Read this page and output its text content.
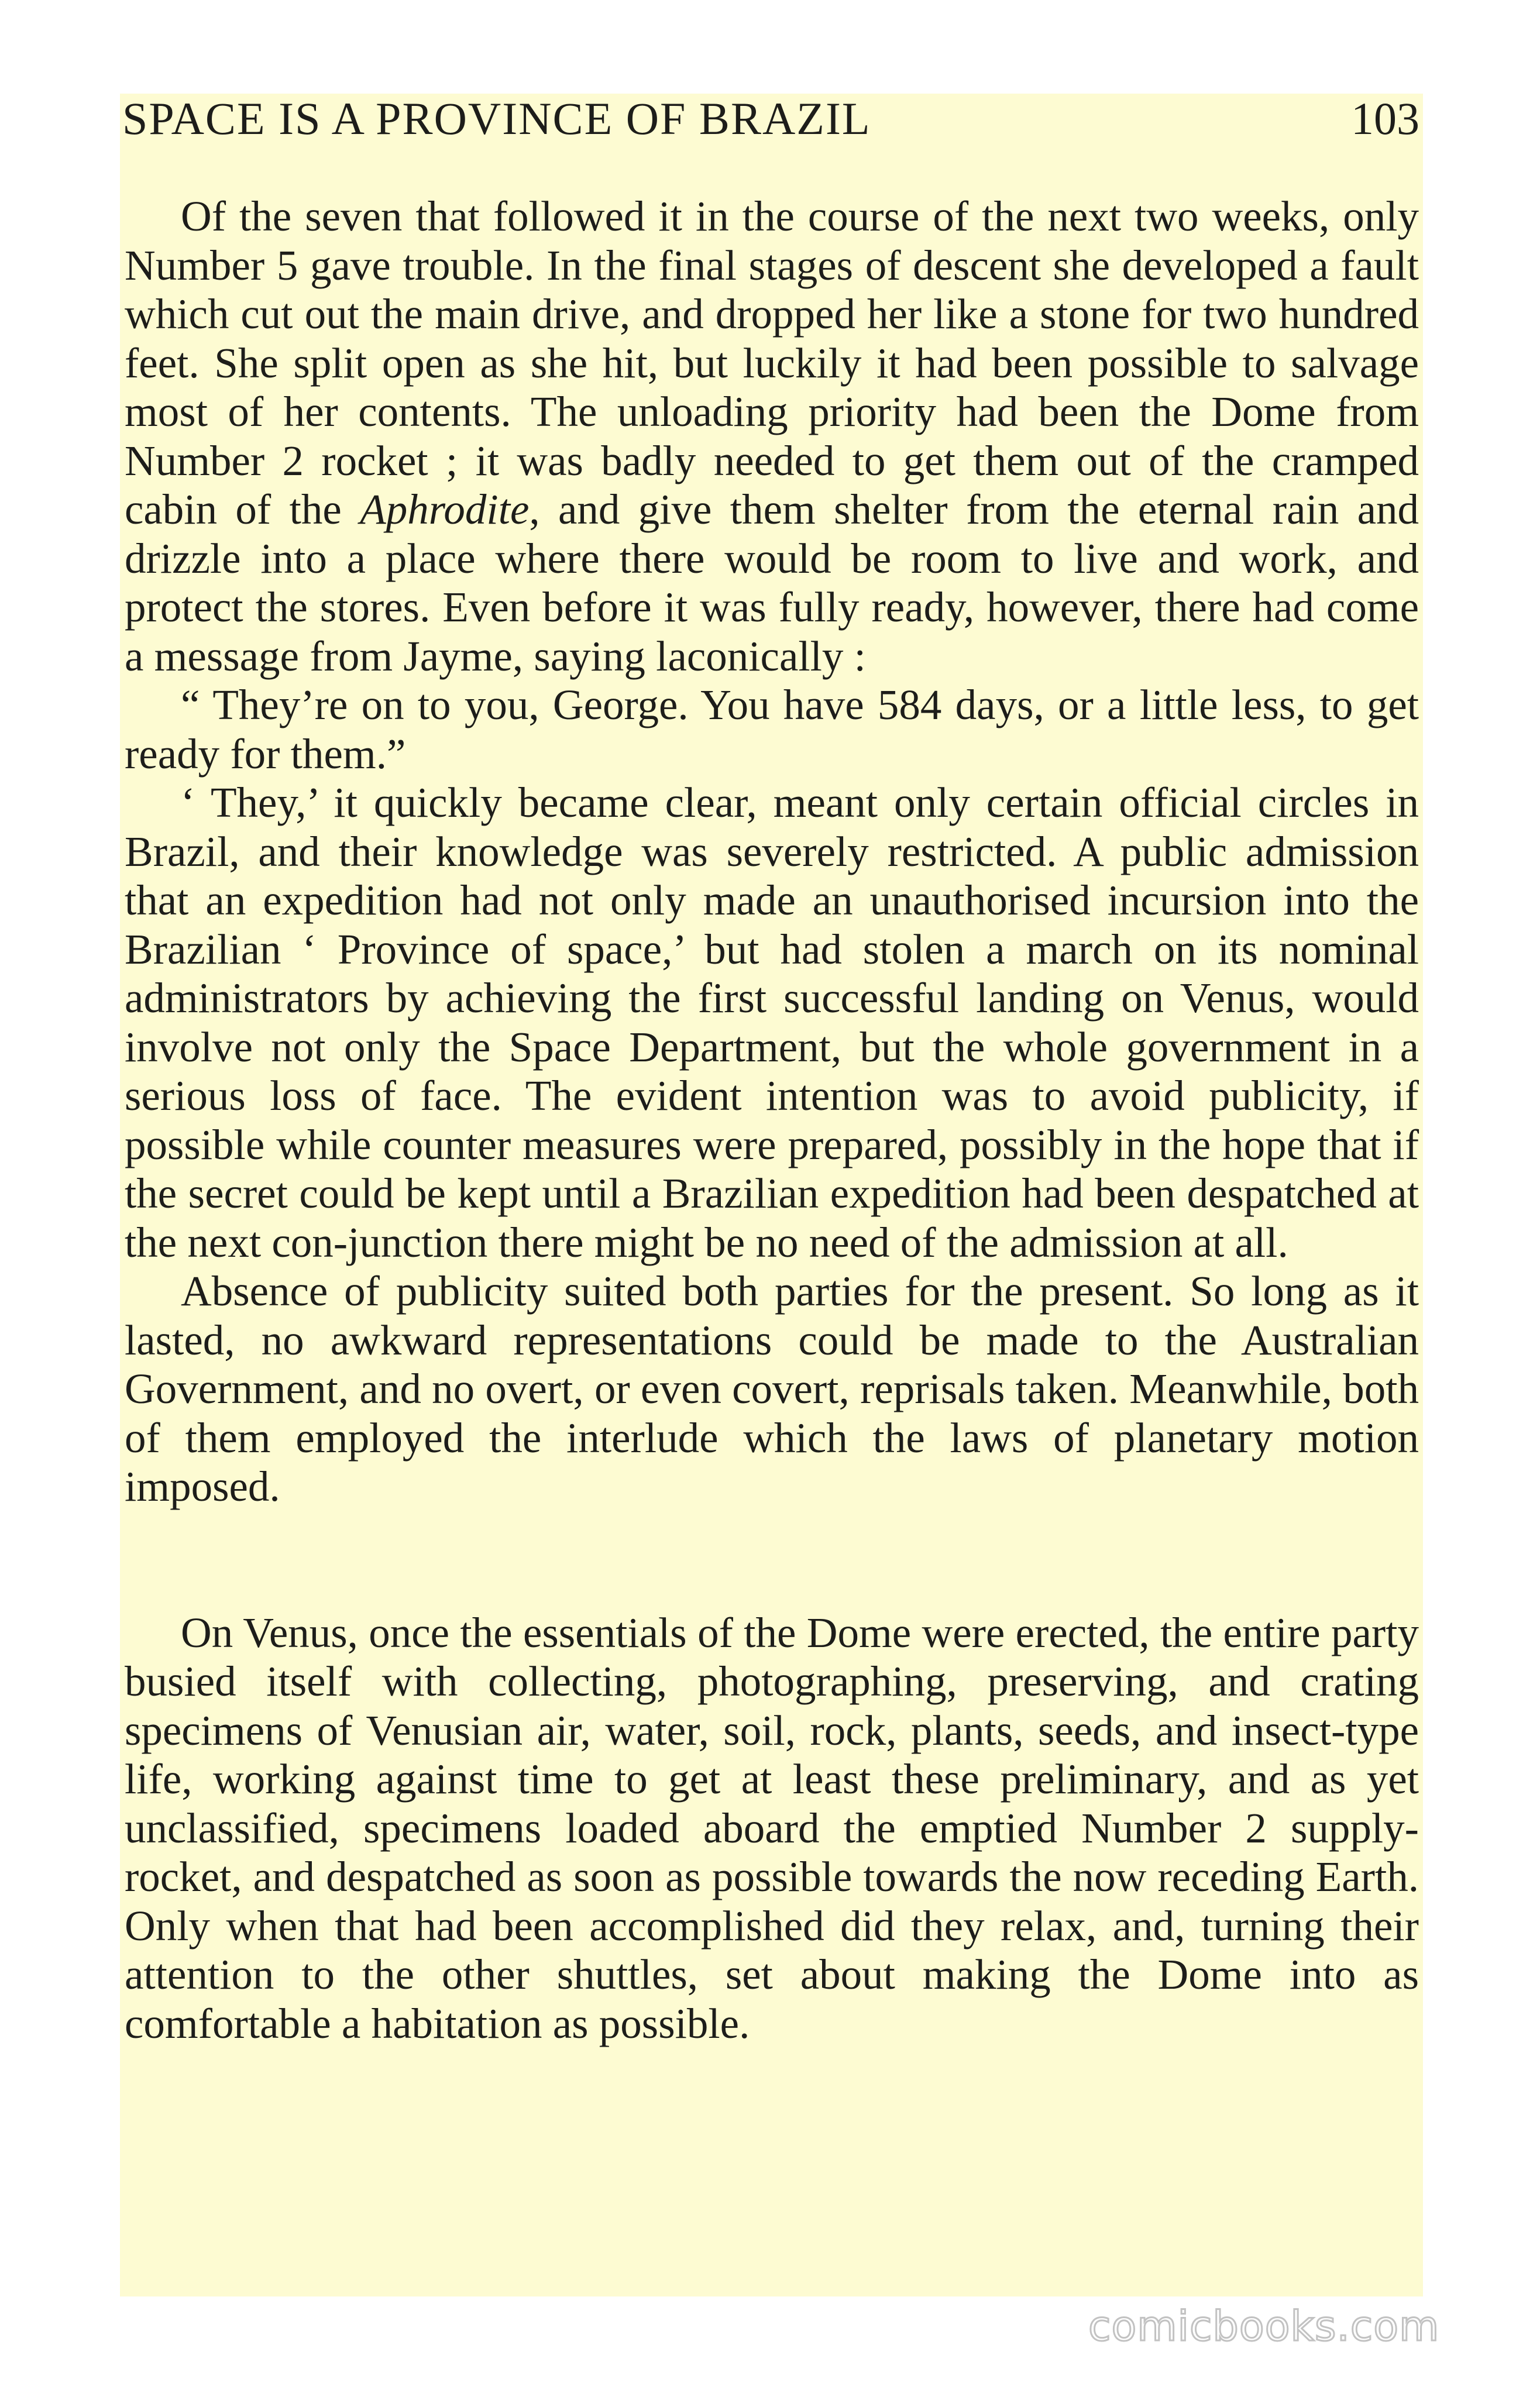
SPACE IS A PROVINCE OF BRAZIL	103

Of the seven that followed it in the course of the next two weeks, only Number 5 gave trouble. In the final stages of descent she developed a fault which cut out the main drive, and dropped her like a stone for two hundred feet. She split open as she hit, but luckily it had been possible to salvage most of her contents. The unloading priority had been the Dome from Number 2 rocket ; it was badly needed to get them out of the cramped cabin of the Aphrodite, and give them shelter from the eternal rain and drizzle into a place where there would be room to live and work, and protect the stores. Even before it was fully ready, however, there had come a message from Jayme, saying laconically :

“ They’re on to you, George. You have 584 days, or a little less, to get ready for them.”

‘ They,’ it quickly became clear, meant only certain official circles in Brazil, and their knowledge was severely restricted. A public admission that an expedition had not only made an unauthorised incursion into the Brazilian ‘ Province of space,’ but had stolen a march on its nominal administrators by achieving the first successful landing on Venus, would involve not only the Space Department, but the whole government in a serious loss of face. The evident intention was to avoid publicity, if possible while counter measures were prepared, possibly in the hope that if the secret could be kept until a Brazilian expedition had been despatched at the next con-junction there might be no need of the admission at all.

Absence of publicity suited both parties for the present. So long as it lasted, no awkward representations could be made to the Australian Government, and no overt, or even covert, reprisals taken. Meanwhile, both of them employed the interlude which the laws of planetary motion imposed.

On Venus, once the essentials of the Dome were erected, the entire party busied itself with collecting, photographing, preserving, and crating specimens of Venusian air, water, soil, rock, plants, seeds, and insect-type life, working against time to get at least these preliminary, and as yet unclassified, specimens loaded aboard the emptied Number 2 supply-rocket, and despatched as soon as possible towards the now receding Earth. Only when that had been accomplished did they relax, and, turning their attention to the other shuttles, set about making the Dome into as comfortable a habitation as possible.

comicbooks.com
